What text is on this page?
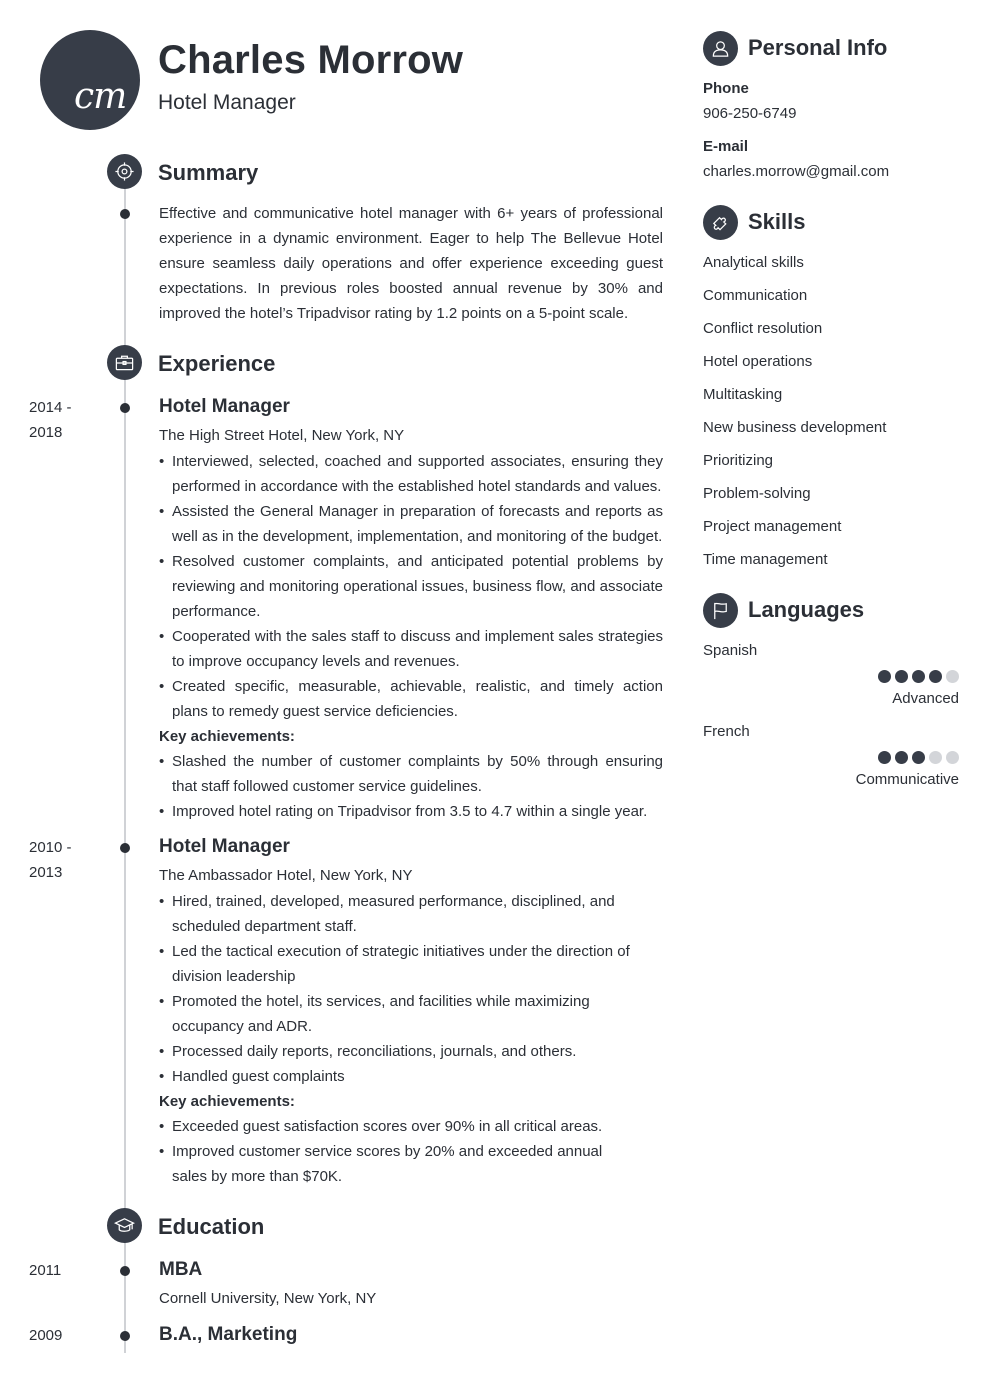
cm
Charles Morrow
Hotel Manager
Summary
Effective and communicative hotel manager with 6+ years of professional experience in a dynamic environment. Eager to help The Bellevue Hotel ensure seamless daily operations and offer experience exceeding guest expectations. In previous roles boosted annual revenue by 30% and improved the hotel’s Tripadvisor rating by 1.2 points on a 5-point scale.
Experience
2014 -
2018
Hotel Manager
The High Street Hotel, New York, NY
• Interviewed, selected, coached and supported associates, ensuring they performed in accordance with the established hotel standards and values.
• Assisted the General Manager in preparation of forecasts and reports as well as in the development, implementation, and monitoring of the budget.
• Resolved customer complaints, and anticipated potential problems by reviewing and monitoring operational issues, business flow, and associate performance.
• Cooperated with the sales staff to discuss and implement sales strategies to improve occupancy levels and revenues.
• Created specific, measurable, achievable, realistic, and timely action plans to remedy guest service deficiencies.
Key achievements:
• Slashed the number of customer complaints by 50% through ensuring that staff followed customer service guidelines.
• Improved hotel rating on Tripadvisor from 3.5 to 4.7 within a single year.
2010 -
2013
Hotel Manager
The Ambassador Hotel, New York, NY
• Hired, trained, developed, measured performance, disciplined, and scheduled department staff.
• Led the tactical execution of strategic initiatives under the direction of division leadership
• Promoted the hotel, its services, and facilities while maximizing occupancy and ADR.
• Processed daily reports, reconciliations, journals, and others.
• Handled guest complaints
Key achievements:
• Exceeded guest satisfaction scores over 90% in all critical areas.
• Improved customer service scores by 20% and exceeded annual sales by more than $70K.
Education
2011	MBA
Cornell University, New York, NY
2009	B.A., Marketing
Personal Info
Phone
906-250-6749
E-mail
charles.morrow@gmail.com
Skills
Analytical skills
Communication
Conflict resolution
Hotel operations
Multitasking
New business development
Prioritizing
Problem-solving
Project management
Time management
Languages
Spanish
Advanced
French
Communicative
